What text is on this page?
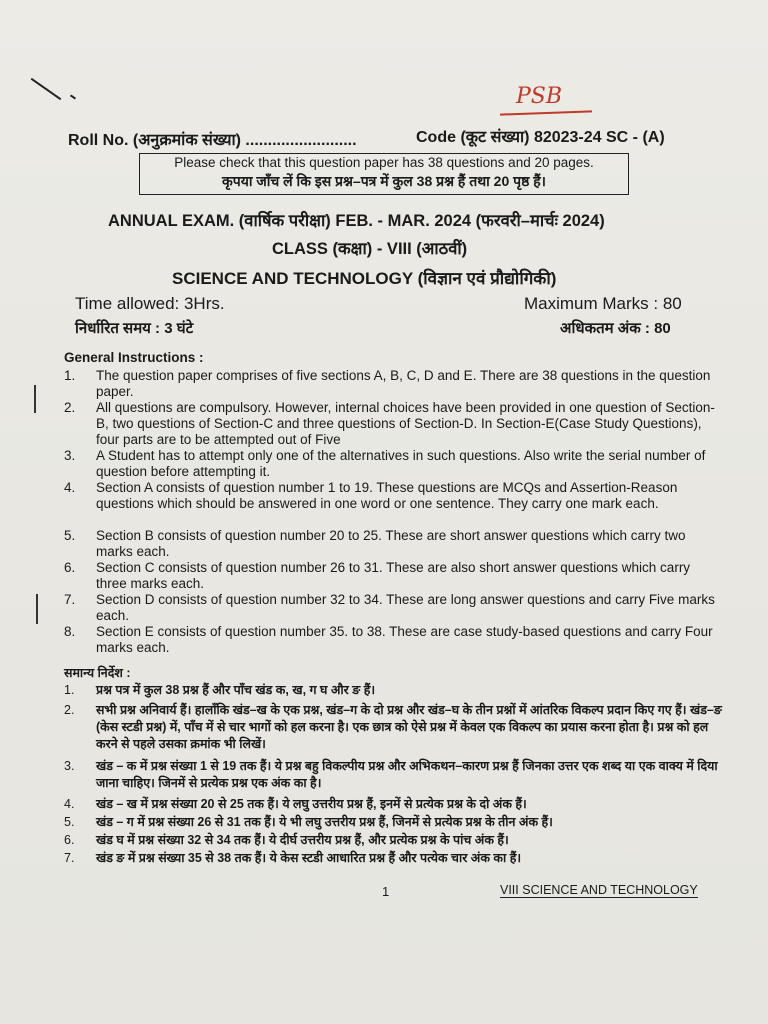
PSB
Roll No. (अनुक्रमांक संख्या) .........................	Code (कूट संख्या) 82023-24 SC - (A)
Please check that this question paper has 38 questions and 20 pages.
कृपया जाँच लें कि इस प्रश्न–पत्र में कुल 38 प्रश्न हैं तथा 20 पृष्ठ हैं।
ANNUAL EXAM. (वार्षिक परीक्षा) FEB. - MAR. 2024 (फरवरी–मार्चः 2024)
CLASS (कक्षा) - VIII (आठवीं)
SCIENCE AND TECHNOLOGY (विज्ञान एवं प्रौद्योगिकी)
Time allowed: 3Hrs.	Maximum Marks : 80
निर्धारित समय : 3 घंटे	अधिकतम अंक : 80
General Instructions :
1.	The question paper comprises of five sections A, B, C, D and E. There are 38 questions in the question paper.
2.	All questions are compulsory. However, internal choices have been provided in one question of Section-B, two questions of Section-C and three questions of Section-D. In Section-E(Case Study Questions), four parts are to be attempted out of Five
3.	A Student has to attempt only one of the alternatives in such questions. Also write the serial number of question before attempting it.
4.	Section A consists of question number 1 to 19. These questions are MCQs and Assertion-Reason questions which should be answered in one word or one sentence. They carry one mark each.
5.	Section B consists of question number 20 to 25. These are short answer questions which carry two marks each.
6.	Section C consists of question number 26 to 31. These are also short answer questions which carry three marks each.
7.	Section D consists of question number 32 to 34. These are long answer questions and carry Five marks each.
8.	Section E consists of question number 35. to 38. These are case study-based questions and carry Four marks each.
समान्य निर्देश :
1.	प्रश्न पत्र में कुल 38 प्रश्न हैं और पाँच खंड क, ख, ग घ और ङ हैं।
2.	सभी प्रश्न अनिवार्य हैं। हालाँकि खंड–ख के एक प्रश्न, खंड–ग के दो प्रश्न और खंड–घ के तीन प्रश्नों में आंतरिक विकल्प प्रदान किए गए हैं। खंड–ङ (केस स्टडी प्रश्न) में, पाँच में से चार भागों को हल करना है। एक छात्र को ऐसे प्रश्न में केवल एक विकल्प का प्रयास करना होता है। प्रश्न को हल करने से पहले उसका क्रमांक भी लिखें।
3.	खंड – क में प्रश्न संख्या 1 से 19 तक हैं। ये प्रश्न बहु विकल्पीय प्रश्न और अभिकथन–कारण प्रश्न हैं जिनका उत्तर एक शब्द या एक वाक्य में दिया जाना चाहिए। जिनमें से प्रत्येक प्रश्न एक अंक का है।
4.	खंड – ख में प्रश्न संख्या 20 से 25 तक हैं। ये लघु उत्तरीय प्रश्न हैं, इनमें से प्रत्येक प्रश्न के दो अंक हैं।
5.	खंड – ग में प्रश्न संख्या 26 से 31 तक हैं। ये भी लघु उत्तरीय प्रश्न हैं, जिनमें से प्रत्येक प्रश्न के तीन अंक हैं।
6.	खंड घ में प्रश्न संख्या 32 से 34 तक हैं। ये दीर्घ उत्तरीय प्रश्न हैं, और प्रत्येक प्रश्न के पांच अंक हैं।
7.	खंड ङ में प्रश्न संख्या 35 से 38 तक हैं। ये केस स्टडी आधारित प्रश्न हैं और पत्येक चार अंक का हैं।
1	VIII SCIENCE AND TECHNOLOGY
